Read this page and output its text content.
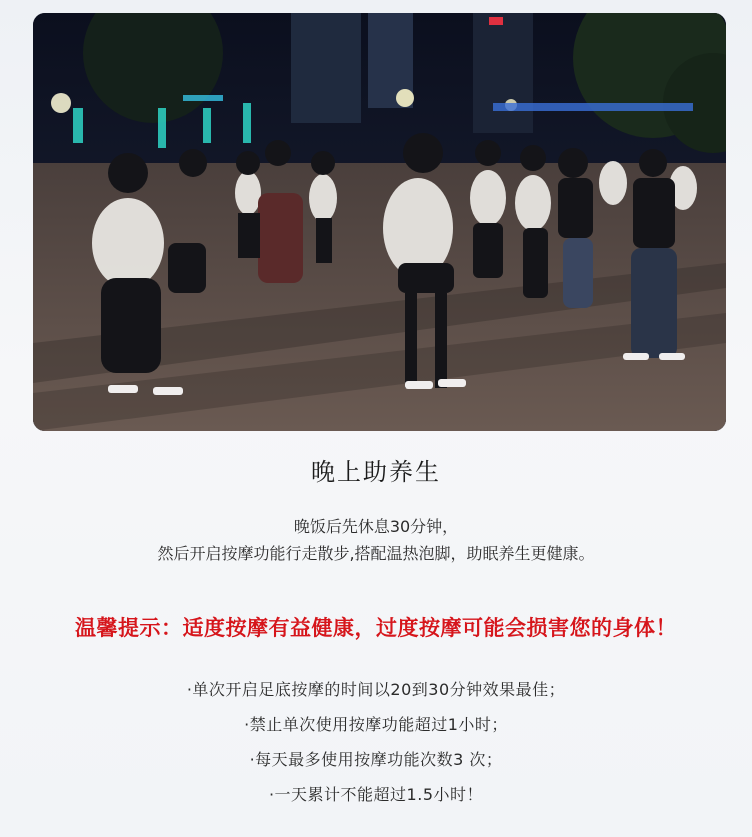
晚上助养生
晚饭后先休息30分钟，
然后开启按摩功能行走散步,搭配温热泡脚，助眠养生更健康。
温馨提示：适度按摩有益健康，过度按摩可能会损害您的身体！
·单次开启足底按摩的时间以20到30分钟效果最佳；
·禁止单次使用按摩功能超过1小时；
·每天最多使用按摩功能次数3 次；
·一天累计不能超过1.5小时！
